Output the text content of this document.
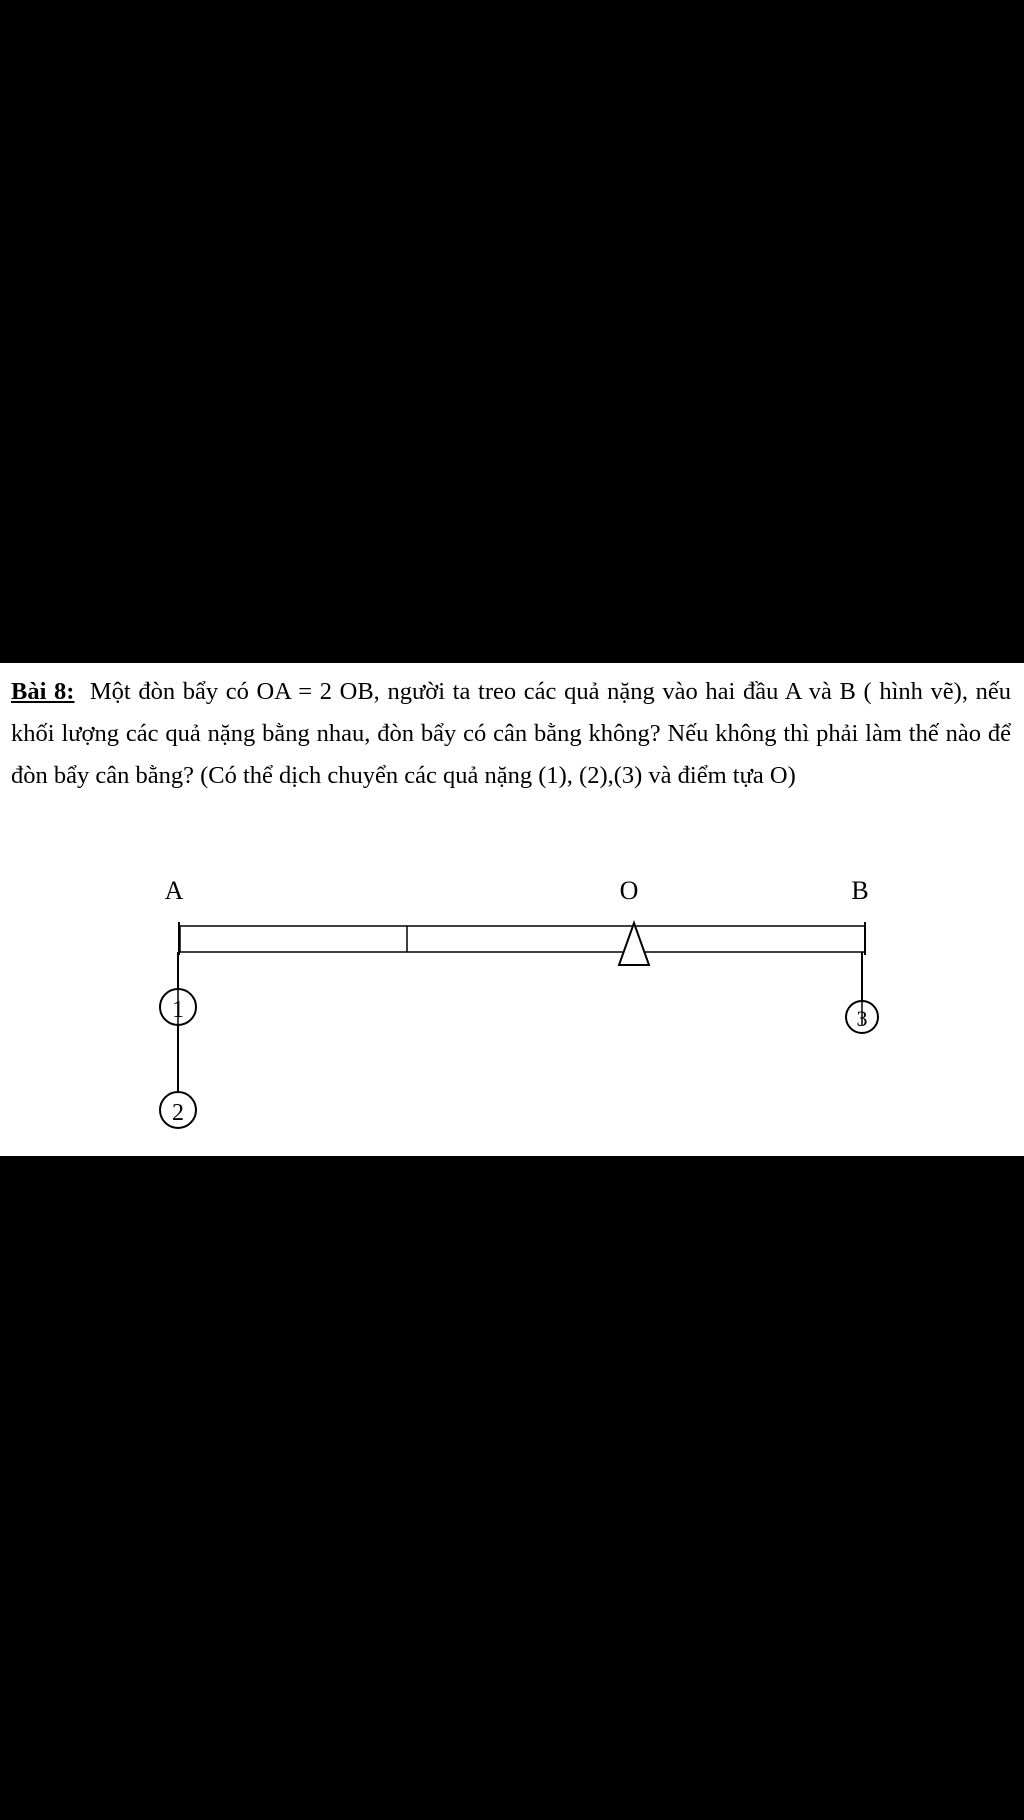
Bài 8: Một đòn bẩy có OA = 2 OB, người ta treo các quả nặng vào hai đầu A và B ( hình vẽ), nếu khối lượng các quả nặng bằng nhau, đòn bẩy có cân bằng không? Nếu không thì phải làm thế nào để đòn bẩy cân bằng? (Có thể dịch chuyển các quả nặng (1), (2),(3) và điểm tựa O)

A	O	B
1
2
3
